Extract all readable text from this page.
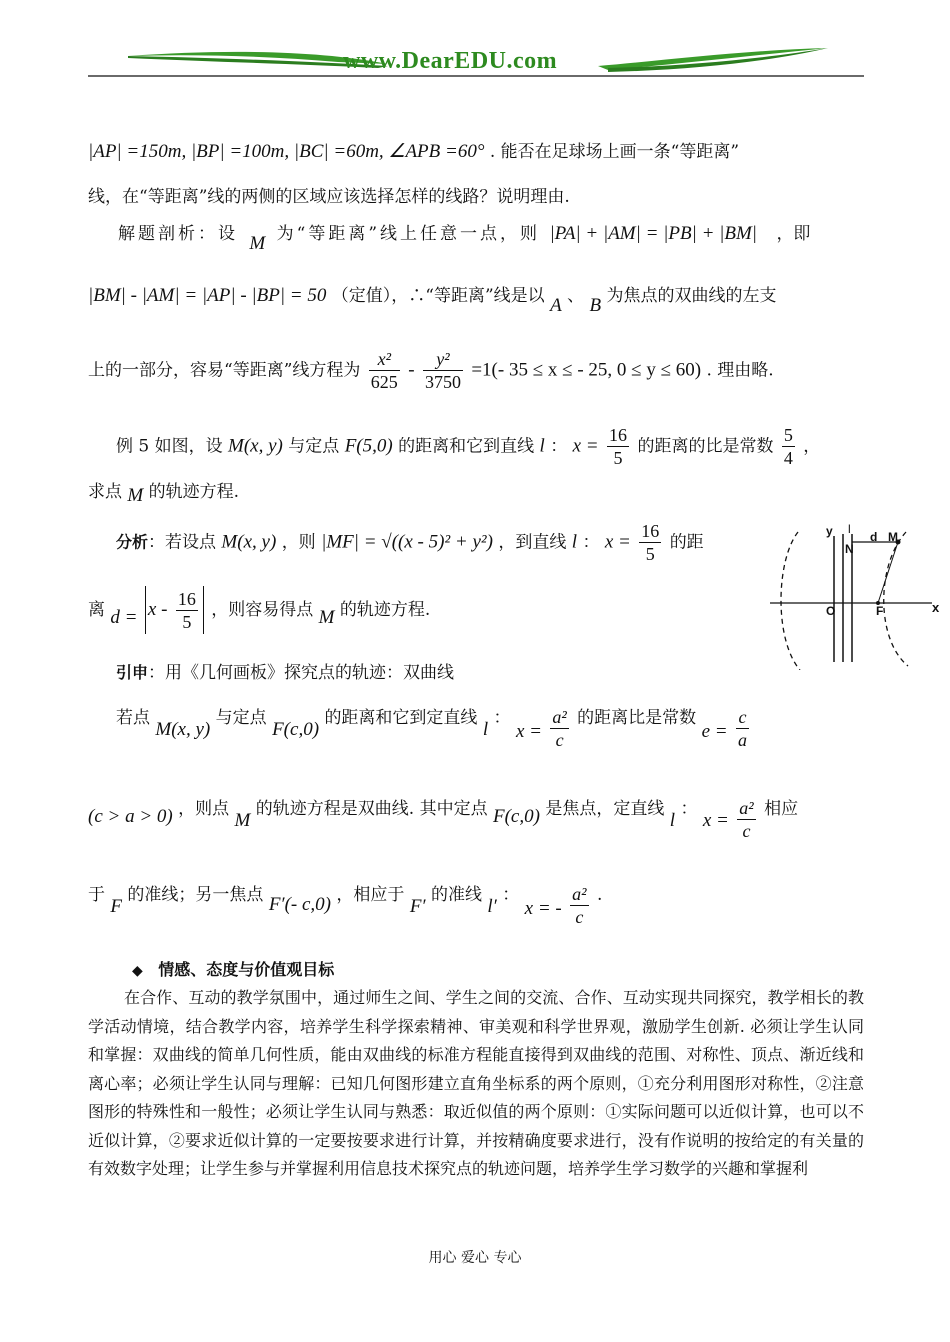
www.DearEDU.com
|AP| =150m, |BP| =100m, |BC| =60m, ∠APB =60° . 能否在足球场上画一条“等距离”
线，在“等距离”线的两侧的区域应该选择怎样的线路？说明理由.
解题剖析：设 M 为“等距离”线上任意一点，则 |PA| + |AM| = |PB| + |BM| ，即
|BM| - |AM| = |AP| - |BP| = 50 （定值），∴“等距离”线是以 A 、 B 为焦点的双曲线的左支
上的一部分，容易“等距离”线方程为 $\frac{\text{x²}}{625} - \frac{\text{y²}}{3750} =1(-$ 35 ≤ x ≤ - 25, 0 ≤ y ≤ 60) . 理由略.
例 5 如图，设 M(x, y) 与定点 F(5,0) 的距离和它到直线 l ： $x = \frac{16}{5}$ 的距离的比是常数 $\frac{5}{4}$ ，
求点 M 的轨迹方程.
分析：若设点 M(x, y) ，则 |MF| = √((x - 5)² + y²) ，到直线 l ： $x = \frac{16}{5}$ 的距
离 $d = x - \frac{16}{5}$ ，则容易得点 M 的轨迹方程.
y l
d M
N
O	F	x
引申：用《几何画板》探究点的轨迹：双曲线
若点 M(x, y) 与定点 F(c,0) 的距离和它到定直线 l ： $x = \frac{\text{a²}}{c}$ 的距离比是常数 $e = \frac{c}{a}$
(c > a > 0) ，则点 M 的轨迹方程是双曲线. 其中定点 F(c,0) 是焦点，定直线 l ： $x = \frac{\text{a²}}{c}$ 相应
于 F 的准线；另一焦点 F′(- c,0) ，相应于 F′ 的准线 l′ ： x = - $\frac{\text{a²}}{c}$ .
◆ 情感、态度与价值观目标
在合作、互动的教学氛围中，通过师生之间、学生之间的交流、合作、互动实现共同探究，教学相长的教学活动情境，结合教学内容，培养学生科学探索精神、审美观和科学世界观，激励学生创新. 必须让学生认同和掌握：双曲线的简单几何性质，能由双曲线的标准方程能直接得到双曲线的范围、对称性、顶点、渐近线和离心率；必须让学生认同与理解：已知几何图形建立直角坐标系的两个原则，①充分利用图形对称性，②注意图形的特殊性和一般性；必须让学生认同与熟悉：取近似值的两个原则：①实际问题可以近似计算，也可以不近似计算，②要求近似计算的一定要按要求进行计算，并按精确度要求进行，没有作说明的按给定的有关量的有效数字处理；让学生参与并掌握利用信息技术探究点的轨迹问题，培养学生学习数学的兴趣和掌握利
用心 爱心 专心
